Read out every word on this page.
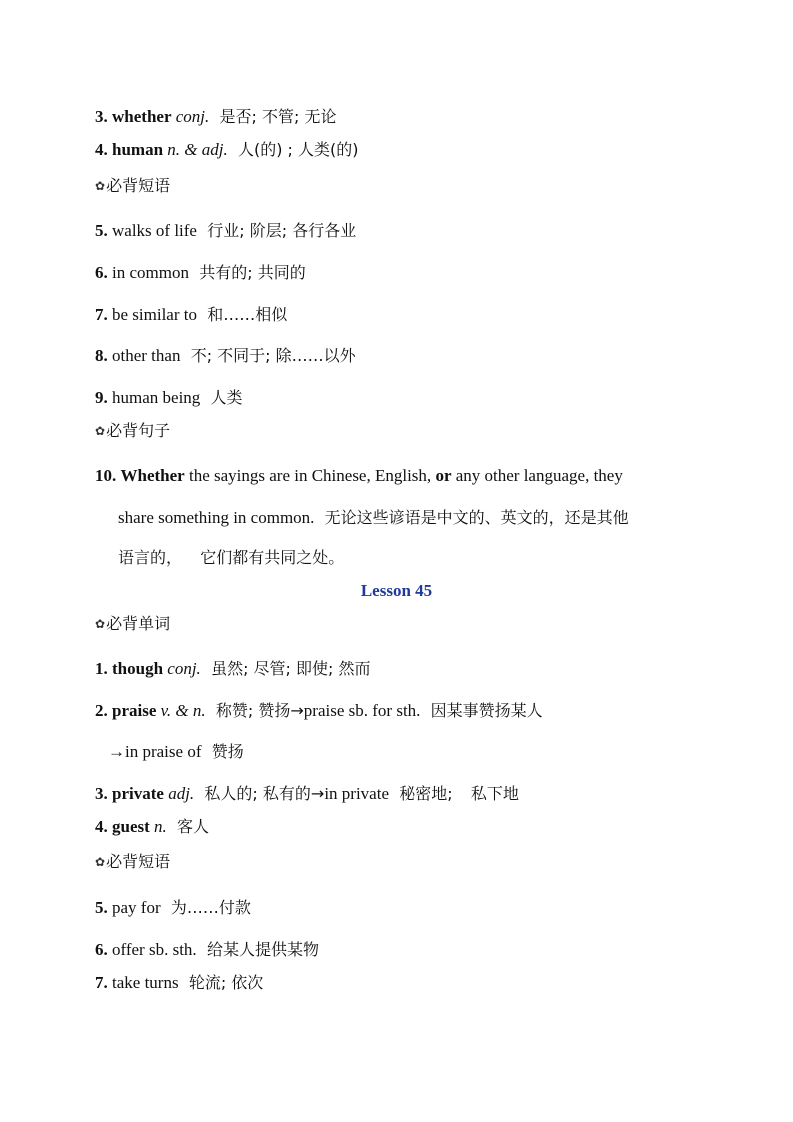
3. whether conj. 是否; 不管; 无论
4. human n. & adj. 人(的) ; 人类(的)
✿必背短语
5. walks of life 行业; 阶层; 各行各业
6. in common 共有的; 共同的
7. be similar to 和……相似
8. other than 不; 不同于; 除……以外
9. human being 人类
✿必背句子
10. Whether the sayings are in Chinese, English, or any other language, they
share something in common. 无论这些谚语是中文的、英文的，还是其他
语言的， 它们都有共同之处。
Lesson 45
✿必背单词
1. though conj. 虽然; 尽管; 即使; 然而
2. praise v. & n. 称赞; 赞扬→praise sb. for sth. 因某事赞扬某人
→in praise of 赞扬
3. private adj. 私人的; 私有的→in private 秘密地; 私下地
4. guest n. 客人
✿必背短语
5. pay for 为……付款
6. offer sb. sth. 给某人提供某物
7. take turns 轮流; 依次
